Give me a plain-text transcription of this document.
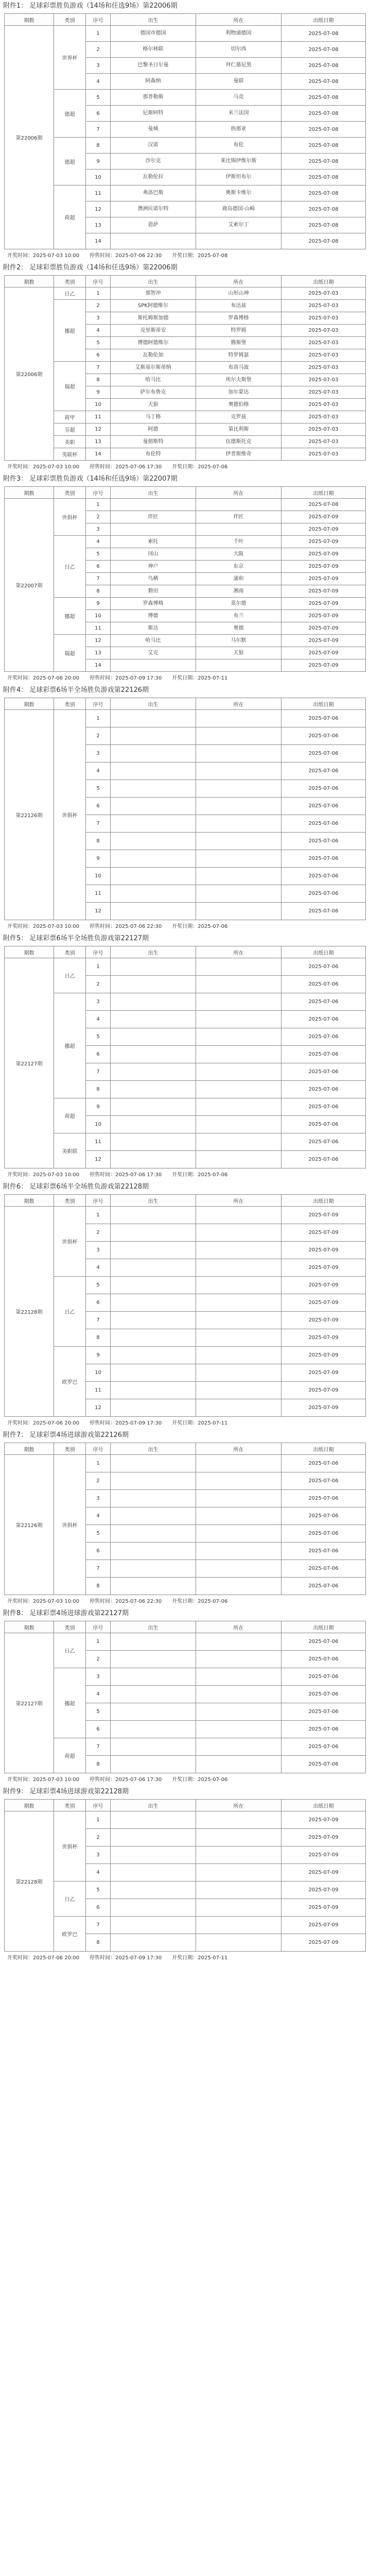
附件1： 足球彩票胜负游戏（14场和任选9场）第22006期
期数	类别	序号	出生	所在	出纸日期
第22006期	世界杯	1	德国市德国	利物浦德国	2025-07-08
		2	格尔林联	切尔西	2025-07-08
		3	巴黎圣日尔曼	拜仁慕尼黑	2025-07-08
		4	阿森纳	曼联	2025-07-08
	德超	5	那普勒斯	马竞	2025-07-08
		6	尼斯阿特	米兰法国	2025-07-08
		7	曼城	热那亚	2025-07-08
	德超	8	汉诺	布伦	2025-07-08
		9	沙尔克	莱比锡伊维尔斯	2025-07-08
		10	瓦勒伦拉	伊斯坦布尔	2025-07-08
	荷超	11	弗洛巴斯	奥斯卡维尔	2025-07-08
		12	澳洲民诺尔特	鹿岛德国·山崎	2025-07-08
		13	恩萨	艾索尔丁	2025-07-08
		14			2025-07-08
开奖时间：2025-07-03 10:00 停售时间：2025-07-06 22:30 开奖日期：2025-07-08
附件2： 足球彩票胜负游戏（14场和任选9场）第22006期
期数	类别	序号	出生	所在	出纸日期
第22006期	日乙	1	那智冲	山形山神	2025-07-03
	挪超	2	SPK阿德维尔	布达兹	2025-07-03
		3	斯托姆斯加德	罗森博格	2025-07-03
		4	克里斯蒂安	特罗姆	2025-07-03
		5	博德阿德维尔	腾斯堡	2025-07-03
		6	瓦勒伦加	特罗姆瑟	2025-07-03
	瑞超	7	艾斯基尔斯蒂纳	布洛马波	2025-07-03
		8	哈马比	埃尔夫斯堡	2025-07-03
		9	萨尔布鲁克	加尔蒙达	2025-07-03
		10	天狼	奥德伯格	2025-07-03
	荷甲	11	马丁格	克罗兹	2025-07-03
	芬超	12	阿德	第比利斯	2025-07-03
	美职	13	曼彻斯特	伍德斯托克	2025-07-03
	英联杯	14	布伦特	伊普斯维奇	2025-07-03
开奖时间：2025-07-03 10:00 停售时间：2025-07-06 17:30 开奖日期：2025-07-06
附件3： 足球彩票胜负游戏（14场和任选9场）第22007期
期数	类别	序号	出生	所在	出纸日期
第22007期	世俱杯	1			2025-07-08
		2	伴匠	伴匠	2025-07-09
		3			2025-07-09
	日乙	4	索托	千叶	2025-07-09
		5	冈山	大阪	2025-07-09
		6	神户	东京	2025-07-09
		7	鸟栖	浦和	2025-07-09
		8	磐田	湘南	2025-07-09
	挪超	9	罗森博格	莫尔德	2025-07-09
		10	博德	布兰	2025-07-09
		11	斯达	奥德	2025-07-09
	瑞超	12	哈马比	马尔默	2025-07-09
		13	艾克	天狼	2025-07-09
		14			2025-07-09
开奖时间：2025-07-06 20:00 停售时间：2025-07-09 17:30 开奖日期：2025-07-11
附件4： 足球彩票6场半全场胜负游戏第22126期
期数	类别	序号	出生	所在	出纸日期
第22126期	世俱杯	1			2025-07-06
		2			2025-07-06
		3			2025-07-06
		4			2025-07-06
		5			2025-07-06
		6			2025-07-06
		7			2025-07-06
		8			2025-07-06
		9			2025-07-06
		10			2025-07-06
		11			2025-07-06
		12			2025-07-06
开奖时间：2025-07-03 10:00 停售时间：2025-07-06 22:30 开奖日期：2025-07-06
附件5： 足球彩票6场半全场胜负游戏第22127期
期数	类别	序号	出生	所在	出纸日期
第22127期	日乙	1			2025-07-06
		2			2025-07-06
	挪超	3			2025-07-06
		4			2025-07-06
		5			2025-07-06
		6			2025-07-06
		7			2025-07-06
		8			2025-07-06
	荷超	9			2025-07-06
		10			2025-07-06
	美职联	11			2025-07-06
		12			2025-07-06
开奖时间：2025-07-03 10:00 停售时间：2025-07-06 17:30 开奖日期：2025-07-06
附件6： 足球彩票6场半全场胜负游戏第22128期
期数	类别	序号	出生	所在	出纸日期
第22128期	世俱杯	1			2025-07-09
		2			2025-07-09
		3			2025-07-09
		4			2025-07-09
	日乙	5			2025-07-09
		6			2025-07-09
		7			2025-07-09
		8			2025-07-09
	欧罗巴	9			2025-07-09
		10			2025-07-09
		11			2025-07-09
		12			2025-07-09
开奖时间：2025-07-06 20:00 停售时间：2025-07-09 17:30 开奖日期：2025-07-11
附件7： 足球彩票4场进球游戏第22126期
期数	类别	序号	出生	所在	出纸日期
第22126期	世俱杯	1			2025-07-06
		2			2025-07-06
		3			2025-07-06
		4			2025-07-06
		5			2025-07-06
		6			2025-07-06
		7			2025-07-06
		8			2025-07-06
开奖时间：2025-07-03 10:00 停售时间：2025-07-06 22:30 开奖日期：2025-07-06
附件8： 足球彩票4场进球游戏第22127期
期数	类别	序号	出生	所在	出纸日期
第22127期	日乙	1			2025-07-06
		2			2025-07-06
	挪超	3			2025-07-06
		4			2025-07-06
		5			2025-07-06
		6			2025-07-06
	荷超	7			2025-07-06
		8			2025-07-06
开奖时间：2025-07-03 10:00 停售时间：2025-07-06 17:30 开奖日期：2025-07-06
附件9： 足球彩票4场进球游戏第22128期
期数	类别	序号	出生	所在	出纸日期
第22128期	世俱杯	1			2025-07-09
		2			2025-07-09
		3			2025-07-09
		4			2025-07-09
	日乙	5			2025-07-09
		6			2025-07-09
	欧罗巴	7			2025-07-09
		8			2025-07-09
开奖时间：2025-07-06 20:00 停售时间：2025-07-09 17:30 开奖日期：2025-07-11
